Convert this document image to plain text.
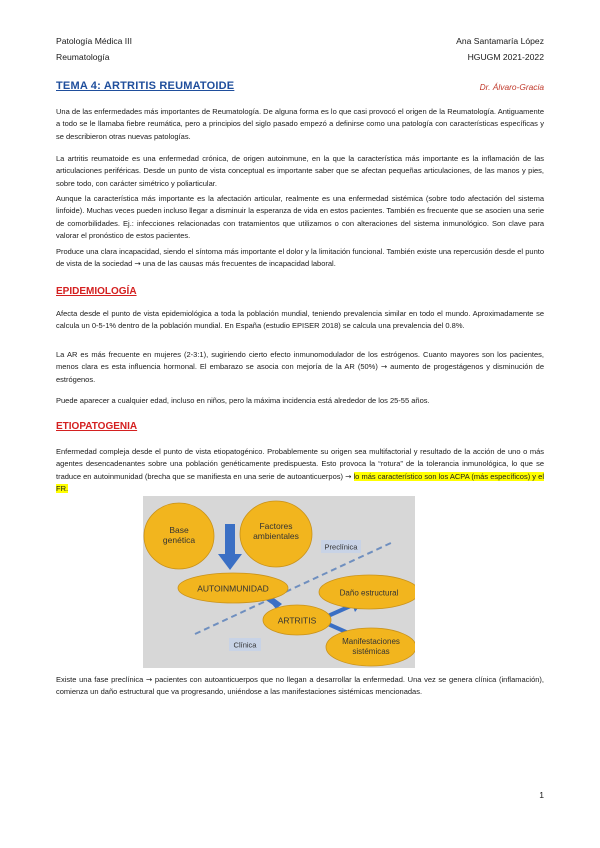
Patología Médica III
Reumatología
Ana Santamaría López
HGUGM 2021-2022
TEMA 4: ARTRITIS REUMATOIDE	Dr. Álvaro-Gracia

Una de las enfermedades más importantes de Reumatología. De alguna forma es lo que casi provocó el origen de la Reumatología. Antiguamente a todo se le llamaba fiebre reumática, pero a principios del siglo pasado empezó a definirse como una patología con características específicas y se describieron otras nuevas patologías.

La artritis reumatoide es una enfermedad crónica, de origen autoinmune, en la que la característica más importante es la inflamación de las articulaciones periféricas. Desde un punto de vista conceptual es importante saber que se afectan pequeñas articulaciones, de las manos y pies, sobre todo, con carácter simétrico y poliarticular.

Aunque la característica más importante es la afectación articular, realmente es una enfermedad sistémica (sobre todo afectación del sistema linfoide). Muchas veces pueden incluso llegar a disminuir la esperanza de vida en estos pacientes. También es frecuente que se asocien una serie de comorbilidades. Ej.: infecciones relacionadas con tratamientos que utilizamos o con alteraciones del sistema inmunológico. Son clave para valorar el pronóstico de estos pacientes.

Produce una clara incapacidad, siendo el síntoma más importante el dolor y la limitación funcional. También existe una repercusión desde el punto de vista de la sociedad → una de las causas más frecuentes de incapacidad laboral.

EPIDEMIOLOGÍA

Afecta desde el punto de vista epidemiológica a toda la población mundial, teniendo prevalencia similar en todo el mundo. Aproximadamente se calcula un 0-5-1% dentro de la población mundial. En España (estudio EPISER 2018) se calcula una prevalencia del 0.8%.

La AR es más frecuente en mujeres (2-3:1), sugiriendo cierto efecto inmunomodulador de los estrógenos. Cuanto mayores son los pacientes, menos clara es esta influencia hormonal. El embarazo se asocia con mejoría de la AR (50%) → aumento de progestágenos y disminución de estrógenos.

Puede aparecer a cualquier edad, incluso en niños, pero la máxima incidencia está alrededor de los 25-55 años.

ETIOPATOGENIA

Enfermedad compleja desde el punto de vista etiopatogénico. Probablemente su origen sea multifactorial y resultado de la acción de uno o más agentes desencadenantes sobre una población genéticamente predispuesta. Esto provoca la “rotura” de la tolerancia inmunológica, lo que se traduce en autoinmunidad (brecha que se manifiesta en una serie de autoanticuerpos) → lo más característico son los ACPA (más específicos) y el FR.

Base
genética
Factores
ambientales
Preclínica
AUTOINMUNIDAD	Daño estructural
ARTRITIS
Clínica	Manifestaciones
sistémicas

Existe una fase preclínica → pacientes con autoanticuerpos que no llegan a desarrollar la enfermedad. Una vez se genera clínica (inflamación), comienza un daño estructural que va progresando, uniéndose a las manifestaciones sistémicas mencionadas.

1
